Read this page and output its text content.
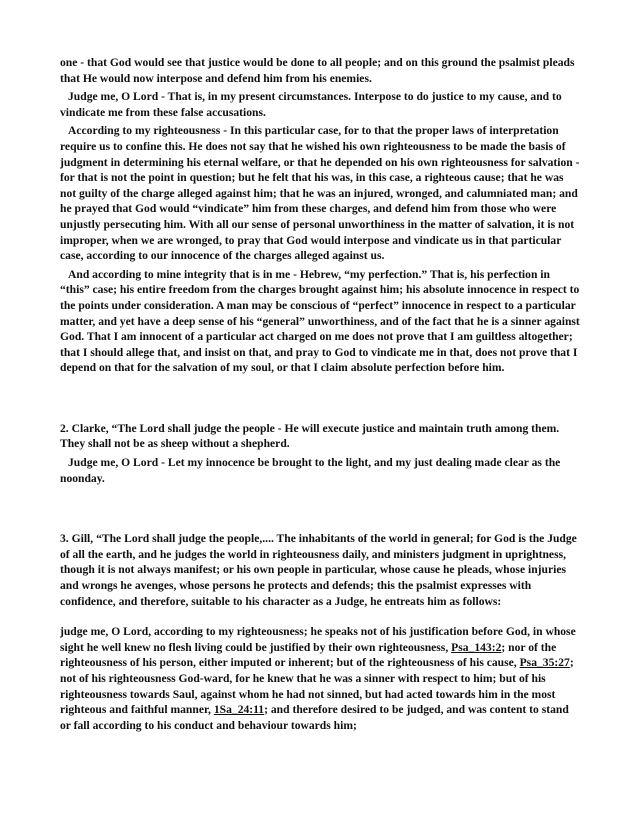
one - that God would see that justice would be done to all people; and on this ground the psalmist pleads that He would now interpose and defend him from his enemies.

Judge me, O Lord - That is, in my present circumstances. Interpose to do justice to my cause, and to vindicate me from these false accusations.

According to my righteousness - In this particular case, for to that the proper laws of interpretation require us to confine this. He does not say that he wished his own righteousness to be made the basis of judgment in determining his eternal welfare, or that he depended on his own righteousness for salvation - for that is not the point in question; but he felt that his was, in this case, a righteous cause; that he was not guilty of the charge alleged against him; that he was an injured, wronged, and calumniated man; and he prayed that God would “vindicate” him from these charges, and defend him from those who were unjustly persecuting him. With all our sense of personal unworthiness in the matter of salvation, it is not improper, when we are wronged, to pray that God would interpose and vindicate us in that particular case, according to our innocence of the charges alleged against us.

And according to mine integrity that is in me - Hebrew, “my perfection.” That is, his perfection in “this” case; his entire freedom from the charges brought against him; his absolute innocence in respect to the points under consideration. A man may be conscious of “perfect” innocence in respect to a particular matter, and yet have a deep sense of his “general” unworthiness, and of the fact that he is a sinner against God. That I am innocent of a particular act charged on me does not prove that I am guiltless altogether; that I should allege that, and insist on that, and pray to God to vindicate me in that, does not prove that I depend on that for the salvation of my soul, or that I claim absolute perfection before him.

2. Clarke, “The Lord shall judge the people - He will execute justice and maintain truth among them. They shall not be as sheep without a shepherd.

Judge me, O Lord - Let my innocence be brought to the light, and my just dealing made clear as the noonday.

3. Gill, “The Lord shall judge the people,.... The inhabitants of the world in general; for God is the Judge of all the earth, and he judges the world in righteousness daily, and ministers judgment in uprightness, though it is not always manifest; or his own people in particular, whose cause he pleads, whose injuries and wrongs he avenges, whose persons he protects and defends; this the psalmist expresses with confidence, and therefore, suitable to his character as a Judge, he entreats him as follows:

judge me, O Lord, according to my righteousness; he speaks not of his justification before God, in whose sight he well knew no flesh living could be justified by their own righteousness, Psa_143:2; nor of the righteousness of his person, either imputed or inherent; but of the righteousness of his cause, Psa_35:27; not of his righteousness God-ward, for he knew that he was a sinner with respect to him; but of his righteousness towards Saul, against whom he had not sinned, but had acted towards him in the most righteous and faithful manner, 1Sa_24:11; and therefore desired to be judged, and was content to stand or fall according to his conduct and behaviour towards him;
